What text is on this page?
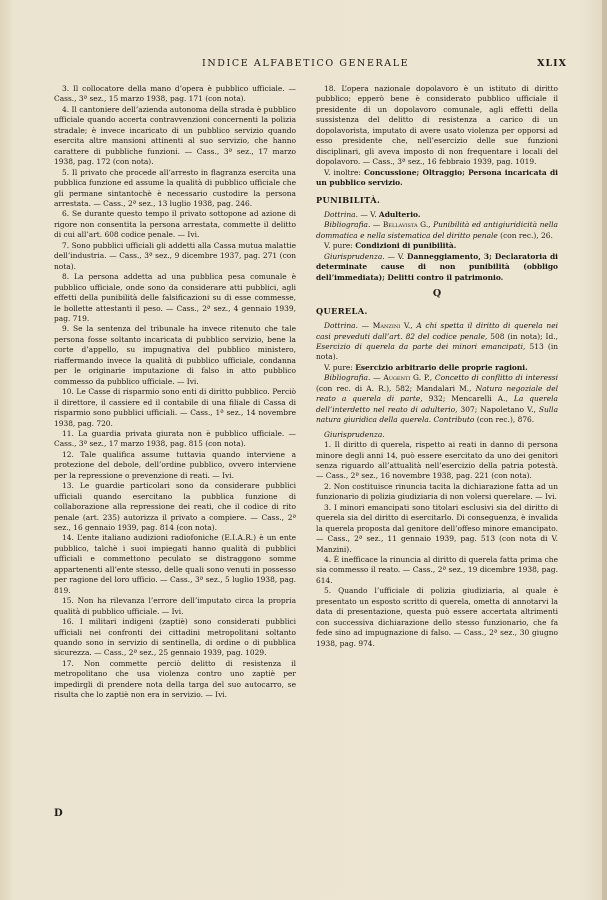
INDICE ALFABETICO GENERALE	XLIX

3. Il collocatore della mano d’opera è pubblico ufficiale. — Cass., 3ª sez., 15 marzo 1938, pag. 171 (con nota).

4. Il cantoniere dell’azienda autonoma della strada è pubblico ufficiale quando accerta contravvenzioni concernenti la polizia stradale; è invece incaricato di un pubblico servizio quando esercita altre mansioni attinenti al suo servizio, che hanno carattere di pubbliche funzioni. — Cass., 3ª sez., 17 marzo 1938, pag. 172 (con nota).

5. Il privato che procede all’arresto in flagranza esercita una pubblica funzione ed assume la qualità di pubblico ufficiale che gli permane sintantochè è necessario custodire la persona arrestata. — Cass., 2ª sez., 13 luglio 1938, pag. 246.

6. Se durante questo tempo il privato sottopone ad azione di rigore non consentita la persona arrestata, commette il delitto di cui all’art. 608 codice penale. — Ivi.

7. Sono pubblici ufficiali gli addetti alla Cassa mutua malattie dell’industria. — Cass., 3ª sez., 9 dicembre 1937, pag. 271 (con nota).

8. La persona addetta ad una pubblica pesa comunale è pubblico ufficiale, onde sono da considerare atti pubblici, agli effetti della punibilità delle falsificazioni su di esse commesse, le bollette attestanti il peso. — Cass., 2ª sez., 4 gennaio 1939, pag. 719.

9. Se la sentenza del tribunale ha invece ritenuto che tale persona fosse soltanto incaricata di pubblico servizio, bene la corte d’appello, su impugnativa del pubblico ministero, riaffermando invece la qualità di pubblico ufficiale, condanna per le originarie imputazione di falso in atto pubblico commesso da pubblico ufficiale. — Ivi.

10. Le Casse di risparmio sono enti di diritto pubblico. Perciò il direttore, il cassiere ed il contabile di una filiale di Cassa di risparmio sono pubblici ufficiali. — Cass., 1ª sez., 14 novembre 1938, pag. 720.

11. La guardia privata giurata non è pubblico ufficiale. — Cass., 3ª sez., 17 marzo 1938, pag. 815 (con nota).

12. Tale qualifica assume tuttavia quando interviene a protezione del debole, dell’ordine pubblico, ovvero interviene per la repressione o prevenzione di reati. — Ivi.

13. Le guardie particolari sono da considerare pubblici ufficiali quando esercitano la pubblica funzione di collaborazione alla repressione dei reati, che il codice di rito penale (art. 235) autorizza il privato a compiere. — Cass., 2ª sez., 16 gennaio 1939, pag. 814 (con nota).

14. L’ente italiano audizioni radiofoniche (E.I.A.R.) è un ente pubblico, talchè i suoi impiegati hanno qualità di pubblici ufficiali e commettono peculato se distraggono somme appartenenti all’ente stesso, delle quali sono venuti in possesso per ragione del loro ufficio. — Cass., 3ª sez., 5 luglio 1938, pag. 819.

15. Non ha rilevanza l’errore dell’imputato circa la propria qualità di pubblico ufficiale. — Ivi.

16. I militari indigeni (zaptiè) sono considerati pubblici ufficiali nei confronti dei cittadini metropolitani soltanto quando sono in servizio di sentinella, di ordine o di pubblica sicurezza. — Cass., 2ª sez., 25 gennaio 1939, pag. 1029.

17. Non commette perciò delitto di resistenza il metropolitano che usa violenza contro uno zaptiè per impedirgli di prendere nota della targa del suo autocarro, se risulta che lo zaptiè non era in servizio. — Ivi.

18. L’opera nazionale dopolavoro è un istituto di diritto pubblico; epperò bene è considerato pubblico ufficiale il presidente di un dopolavoro comunale, agli effetti della sussistenza del delitto di resistenza a carico di un dopolavorista, imputato di avere usato violenza per opporsi ad esso presidente che, nell’esercizio delle sue funzioni disciplinari, gli aveva imposto di non frequentare i locali del dopolavoro. — Cass., 3ª sez., 16 febbraio 1939, pag. 1019.

V. inoltre: Concussione; Oltraggio; Persona incaricata di un pubblico servizio.

PUNIBILITÀ.

Dottrina. — V. Adulterio.

Bibliografia. — Bellavista G., Punibilità ed antigiuridicità nella dommatica e nella sistematica del diritto penale (con rec.), 26.

V. pure: Condizioni di punibilità.

Giurisprudenza. — V. Danneggiamento, 3; Declaratoria di determinate cause di non punibilità (obbligo dell’immediata); Delitti contro il patrimonio.

Q
QUERELA.

Dottrina. — Manzini V., A chi spetta il diritto di querela nei casi preveduti dall’art. 82 del codice penale, 508 (in nota); Id., Esercizio di querela da parte dei minori emancipati, 513 (in nota).

V. pure: Esercizio arbitrario delle proprie ragioni.

Bibliografia. — Augenti G. P., Concetto di conflitto di interessi (con rec. di A. R.), 582; Mandalari M., Natura negoziale del reato a querela di parte, 932; Mencarelli A., La querela dell’interdetto nel reato di adulterio, 307; Napoletano V., Sulla natura giuridica della querela. Contributo (con rec.), 876.

Giurisprudenza.

1. Il diritto di querela, rispetto ai reati in danno di persona minore degli anni 14, può essere esercitato da uno dei genitori senza riguardo all’attualità nell’esercizio della patria potestà. — Cass., 2ª sez., 16 novembre 1938, pag. 221 (con nota).

2. Non costituisce rinuncia tacita la dichiarazione fatta ad un funzionario di polizia giudiziaria di non volersi querelare. — Ivi.

3. I minori emancipati sono titolari esclusivi sia del diritto di querela sia del diritto di esercitarlo. Di conseguenza, è invalida la querela proposta dal genitore dell’offeso minore emancipato. — Cass., 2ª sez., 11 gennaio 1939, pag. 513 (con nota di V. Manzini).

4. È inefficace la rinuncia al diritto di querela fatta prima che sia commesso il reato. — Cass., 2ª sez., 19 dicembre 1938, pag. 614.

5. Quando l’ufficiale di polizia giudiziaria, al quale è presentato un esposto scritto di querela, ometta di annotarvi la data di presentazione, questa può essere accertata altrimenti con successiva dichiarazione dello stesso funzionario, che fa fede sino ad impugnazione di falso. — Cass., 2ª sez., 30 giugno 1938, pag. 974.

D
